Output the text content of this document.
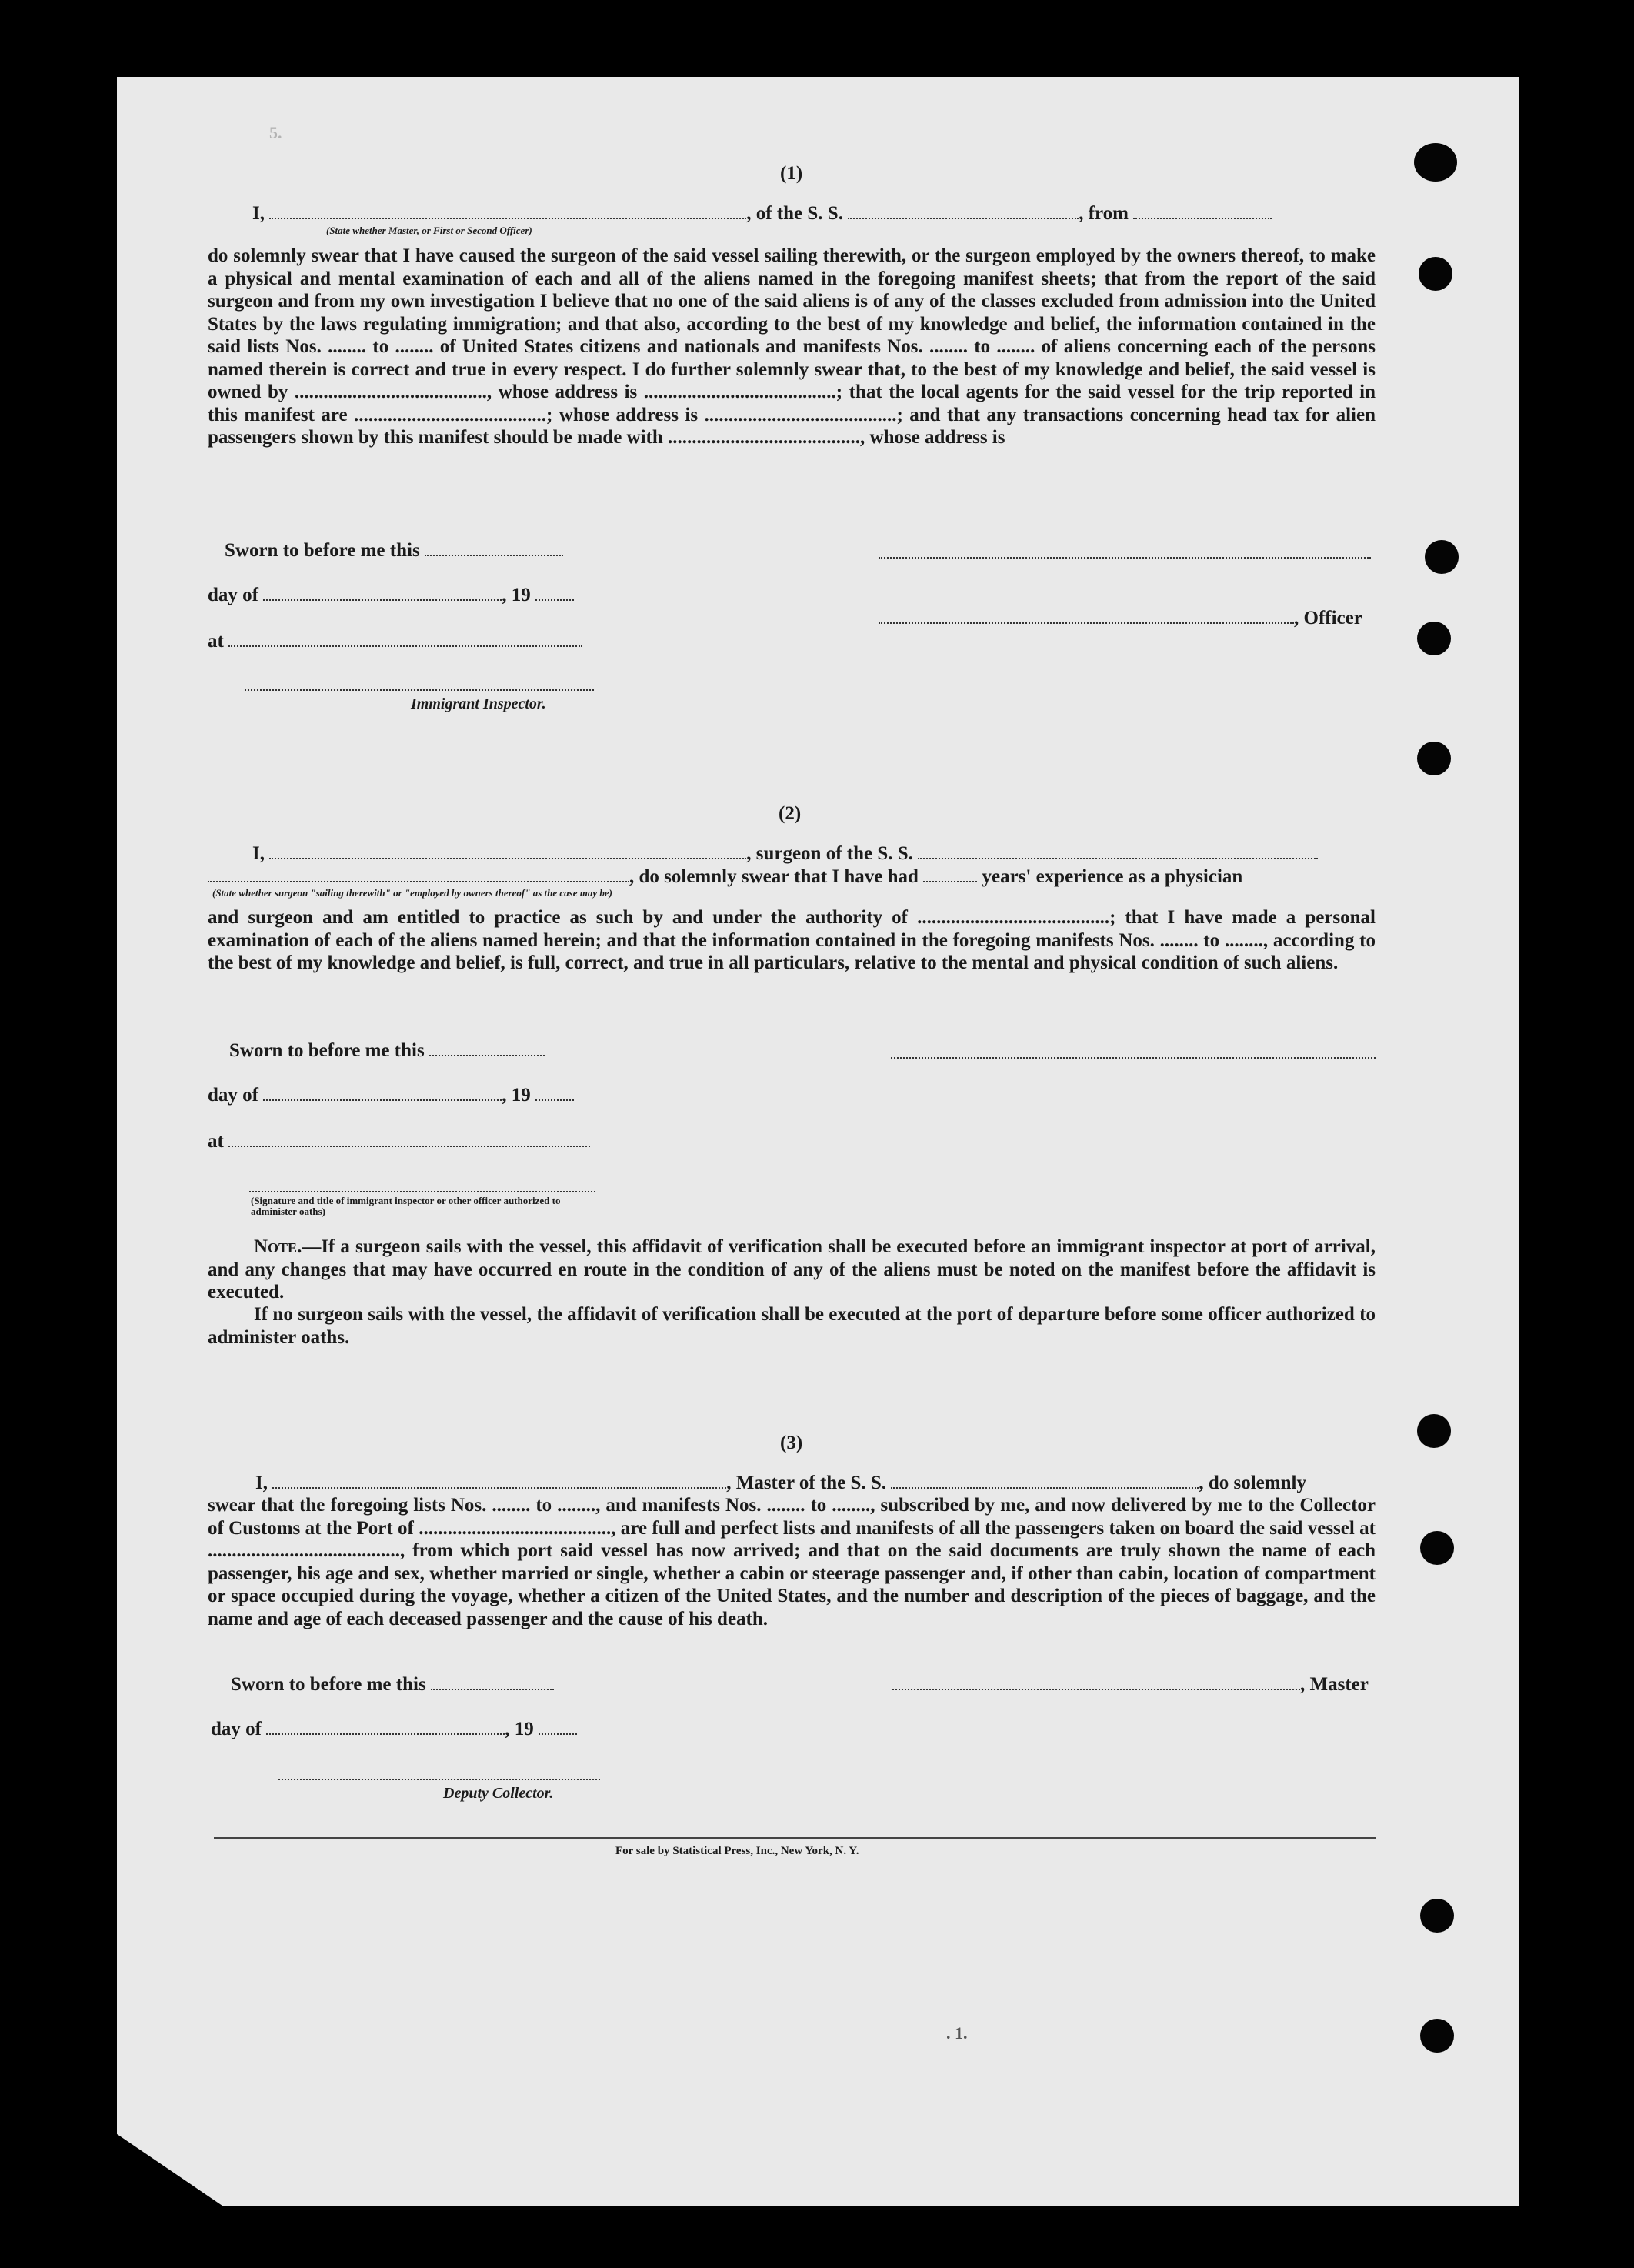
5.
. 1.
(1)
I,	, of the S. S.	, from
(State whether Master, or First or Second Officer)
do solemnly swear that I have caused the surgeon of the said vessel sailing therewith, or the surgeon employed by the owners thereof, to make a physical and mental examination of each and all of the aliens named in the foregoing manifest sheets; that from the report of the said surgeon and from my own investigation I believe that no one of the said aliens is of any of the classes excluded from admission into the United States by the laws regulating immigration; and that also, according to the best of my knowledge and belief, the information contained in the said lists Nos. ........ to ........ of United States citizens and nationals and manifests Nos. ........ to ........ of aliens concerning each of the persons named therein is correct and true in every respect. I do further solemnly swear that, to the best of my knowledge and belief, the said vessel is owned by ........................................, whose address is ........................................; that the local agents for the said vessel for the trip reported in this manifest are ........................................; whose address is ........................................; and that any transactions concerning head tax for alien passengers shown by this manifest should be made with ........................................, whose address is
Sworn to before me this
day of	, 19
, Officer
at
Immigrant Inspector.
(2)
I,	, surgeon of the S. S.
, do solemnly swear that I have had	years' experience as a physician
(State whether surgeon "sailing therewith" or "employed by owners thereof" as the case may be)
and surgeon and am entitled to practice as such by and under the authority of ........................................; that I have made a personal examination of each of the aliens named herein; and that the information contained in the foregoing manifests Nos. ........ to ........, according to the best of my knowledge and belief, is full, correct, and true in all particulars, relative to the mental and physical condition of such aliens.
Sworn to before me this
day of	, 19
at
(Signature and title of immigrant inspector or other officer authorized to administer oaths)
Note.—If a surgeon sails with the vessel, this affidavit of verification shall be executed before an immigrant inspector at port of arrival, and any changes that may have occurred en route in the condition of any of the aliens must be noted on the manifest before the affidavit is executed.
If no surgeon sails with the vessel, the affidavit of verification shall be executed at the port of departure before some officer authorized to administer oaths.
(3)
I,	, Master of the S. S.	, do solemnly
swear that the foregoing lists Nos. ........ to ........, and manifests Nos. ........ to ........, subscribed by me, and now delivered by me to the Collector of Customs at the Port of ........................................, are full and perfect lists and manifests of all the passengers taken on board the said vessel at ........................................, from which port said vessel has now arrived; and that on the said documents are truly shown the name of each passenger, his age and sex, whether married or single, whether a cabin or steerage passenger and, if other than cabin, location of compartment or space occupied during the voyage, whether a citizen of the United States, and the number and description of the pieces of baggage, and the name and age of each deceased passenger and the cause of his death.
Sworn to before me this	, Master
day of	, 19
Deputy Collector.
For sale by Statistical Press, Inc., New York, N. Y.
